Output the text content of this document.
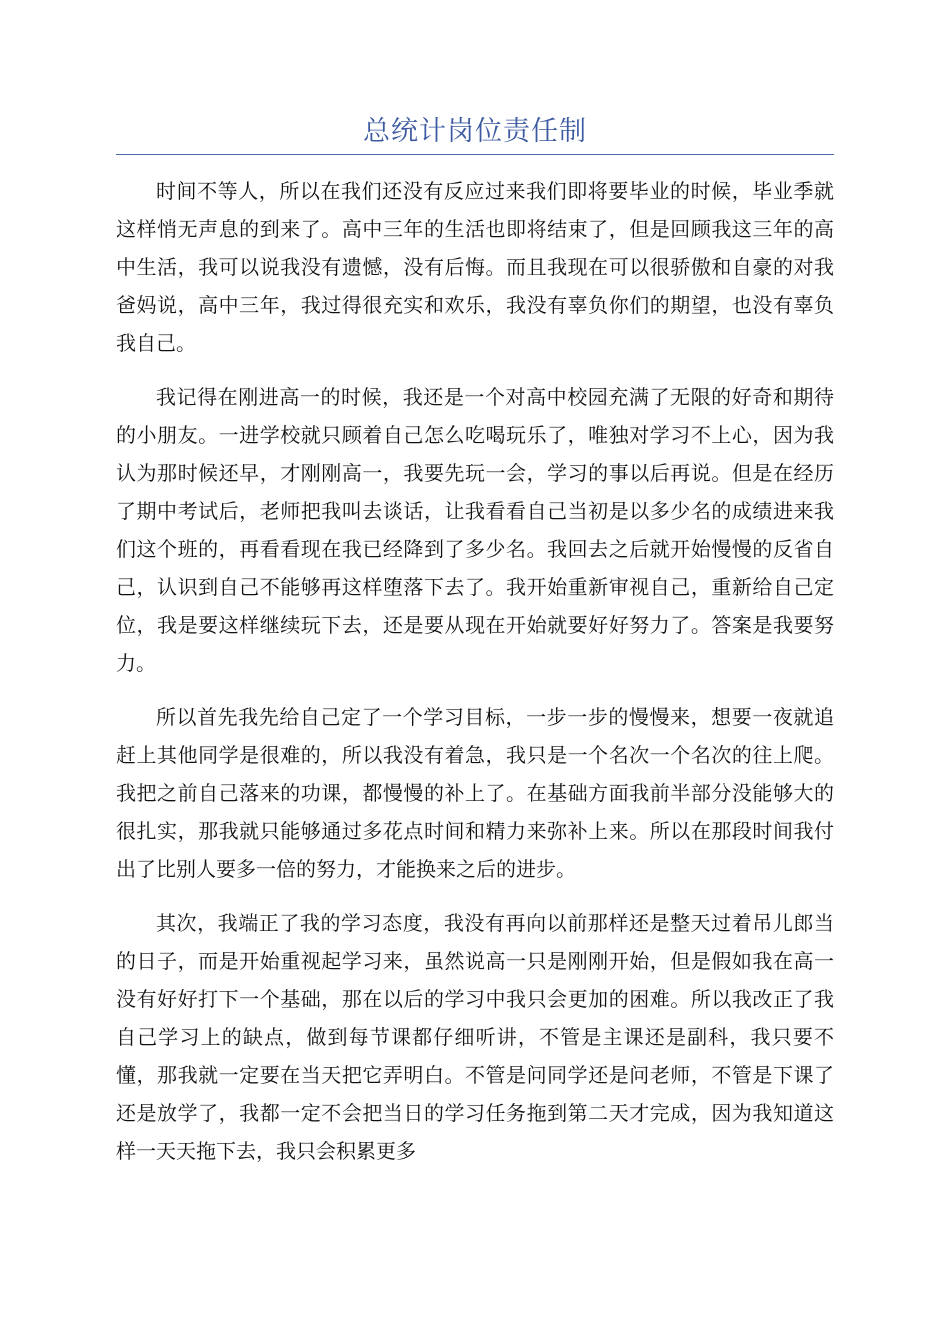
总统计岗位责任制

时间不等人，所以在我们还没有反应过来我们即将要毕业的时候，毕业季就这样悄无声息的到来了。高中三年的生活也即将结束了，但是回顾我这三年的高中生活，我可以说我没有遗憾，没有后悔。而且我现在可以很骄傲和自豪的对我爸妈说，高中三年，我过得很充实和欢乐，我没有辜负你们的期望，也没有辜负我自己。

我记得在刚进高一的时候，我还是一个对高中校园充满了无限的好奇和期待的小朋友。一进学校就只顾着自己怎么吃喝玩乐了，唯独对学习不上心，因为我认为那时候还早，才刚刚高一，我要先玩一会，学习的事以后再说。但是在经历了期中考试后，老师把我叫去谈话，让我看看自己当初是以多少名的成绩进来我们这个班的，再看看现在我已经降到了多少名。我回去之后就开始慢慢的反省自己，认识到自己不能够再这样堕落下去了。我开始重新审视自己，重新给自己定位，我是要这样继续玩下去，还是要从现在开始就要好好努力了。答案是我要努力。

所以首先我先给自己定了一个学习目标，一步一步的慢慢来，想要一夜就追赶上其他同学是很难的，所以我没有着急，我只是一个名次一个名次的往上爬。我把之前自己落来的功课，都慢慢的补上了。在基础方面我前半部分没能够大的很扎实，那我就只能够通过多花点时间和精力来弥补上来。所以在那段时间我付出了比别人要多一倍的努力，才能换来之后的进步。

其次，我端正了我的学习态度，我没有再向以前那样还是整天过着吊儿郎当的日子，而是开始重视起学习来，虽然说高一只是刚刚开始，但是假如我在高一没有好好打下一个基础，那在以后的学习中我只会更加的困难。所以我改正了我自己学习上的缺点，做到每节课都仔细听讲，不管是主课还是副科，我只要不懂，那我就一定要在当天把它弄明白。不管是问同学还是问老师，不管是下课了还是放学了，我都一定不会把当日的学习任务拖到第二天才完成，因为我知道这样一天天拖下去，我只会积累更多
